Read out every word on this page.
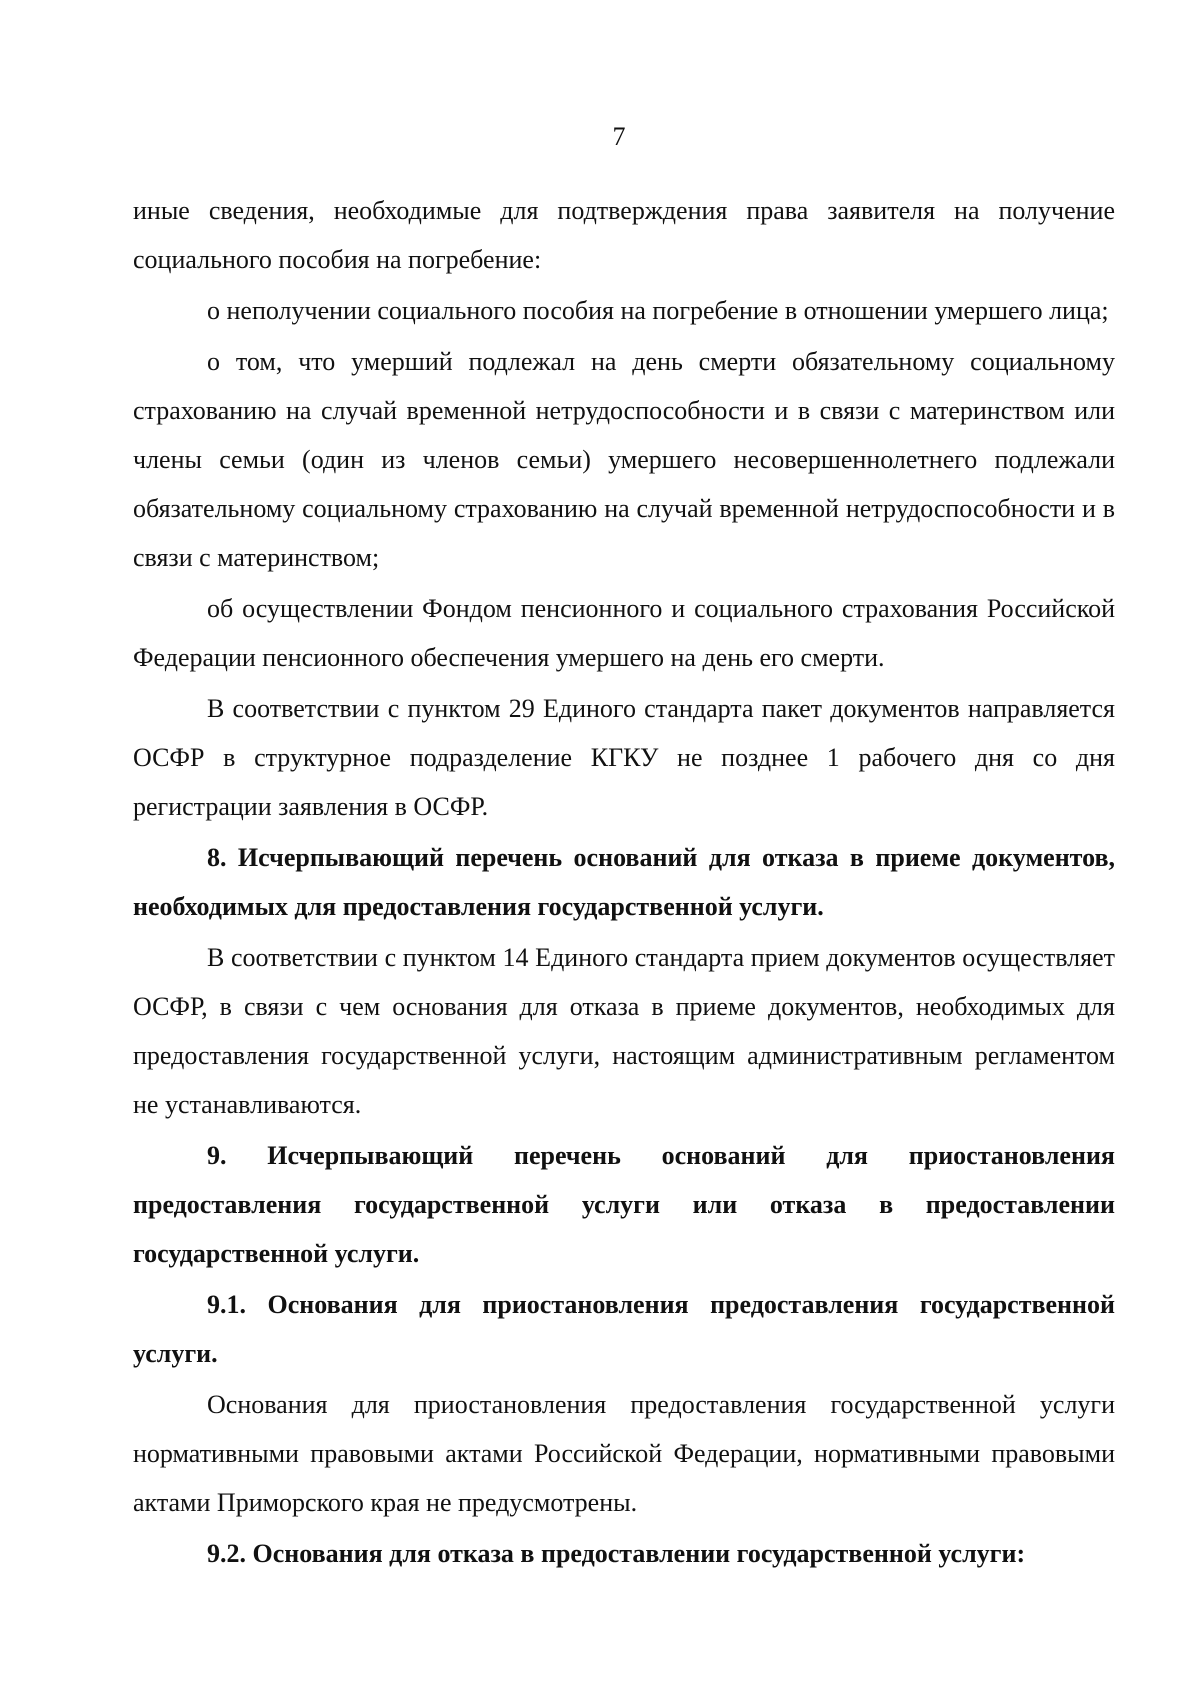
7

иные сведения, необходимые для подтверждения права заявителя на получение социального пособия на погребение:

о неполучении социального пособия на погребение в отношении умершего лица;

о том, что умерший подлежал на день смерти обязательному социальному страхованию на случай временной нетрудоспособности и в связи с материнством или члены семьи (один из членов семьи) умершего несовершеннолетнего подлежали обязательному социальному страхованию на случай временной нетрудоспособности и в связи с материнством;

об осуществлении Фондом пенсионного и социального страхования Российской Федерации пенсионного обеспечения умершего на день его смерти.

В соответствии с пунктом 29 Единого стандарта пакет документов направляется ОСФР в структурное подразделение КГКУ не позднее 1 рабочего дня со дня регистрации заявления в ОСФР.

8. Исчерпывающий перечень оснований для отказа в приеме документов, необходимых для предоставления государственной услуги.

В соответствии с пунктом 14 Единого стандарта прием документов осуществляет ОСФР, в связи с чем основания для отказа в приеме документов, необходимых для предоставления государственной услуги, настоящим административным регламентом не устанавливаются.

9. Исчерпывающий перечень оснований для приостановления предоставления государственной услуги или отказа в предоставлении государственной услуги.

9.1. Основания для приостановления предоставления государственной услуги.

Основания для приостановления предоставления государственной услуги нормативными правовыми актами Российской Федерации, нормативными правовыми актами Приморского края не предусмотрены.

9.2. Основания для отказа в предоставлении государственной услуги:
